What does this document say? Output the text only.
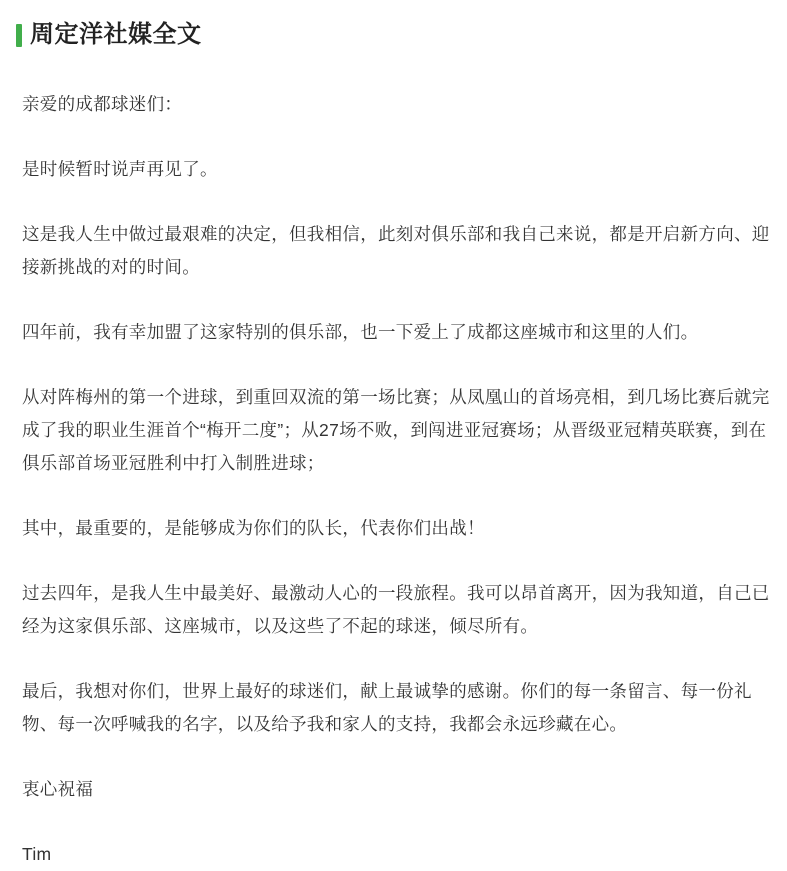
周定洋社媒全文

亲爱的成都球迷们：

是时候暂时说声再见了。

这是我人生中做过最艰难的决定，但我相信，此刻对俱乐部和我自己来说，都是开启新方向、迎接新挑战的对的时间。

四年前，我有幸加盟了这家特别的俱乐部，也一下爱上了成都这座城市和这里的人们。

从对阵梅州的第一个进球，到重回双流的第一场比赛；从凤凰山的首场亮相，到几场比赛后就完成了我的职业生涯首个“梅开二度”；从27场不败，到闯进亚冠赛场；从晋级亚冠精英联赛，到在俱乐部首场亚冠胜利中打入制胜进球；

其中，最重要的，是能够成为你们的队长，代表你们出战！

过去四年，是我人生中最美好、最激动人心的一段旅程。我可以昂首离开，因为我知道，自己已经为这家俱乐部、这座城市，以及这些了不起的球迷，倾尽所有。

最后，我想对你们，世界上最好的球迷们，献上最诚挚的感谢。你们的每一条留言、每一份礼物、每一次呼喊我的名字，以及给予我和家人的支持，我都会永远珍藏在心。

衷心祝福

Tim
